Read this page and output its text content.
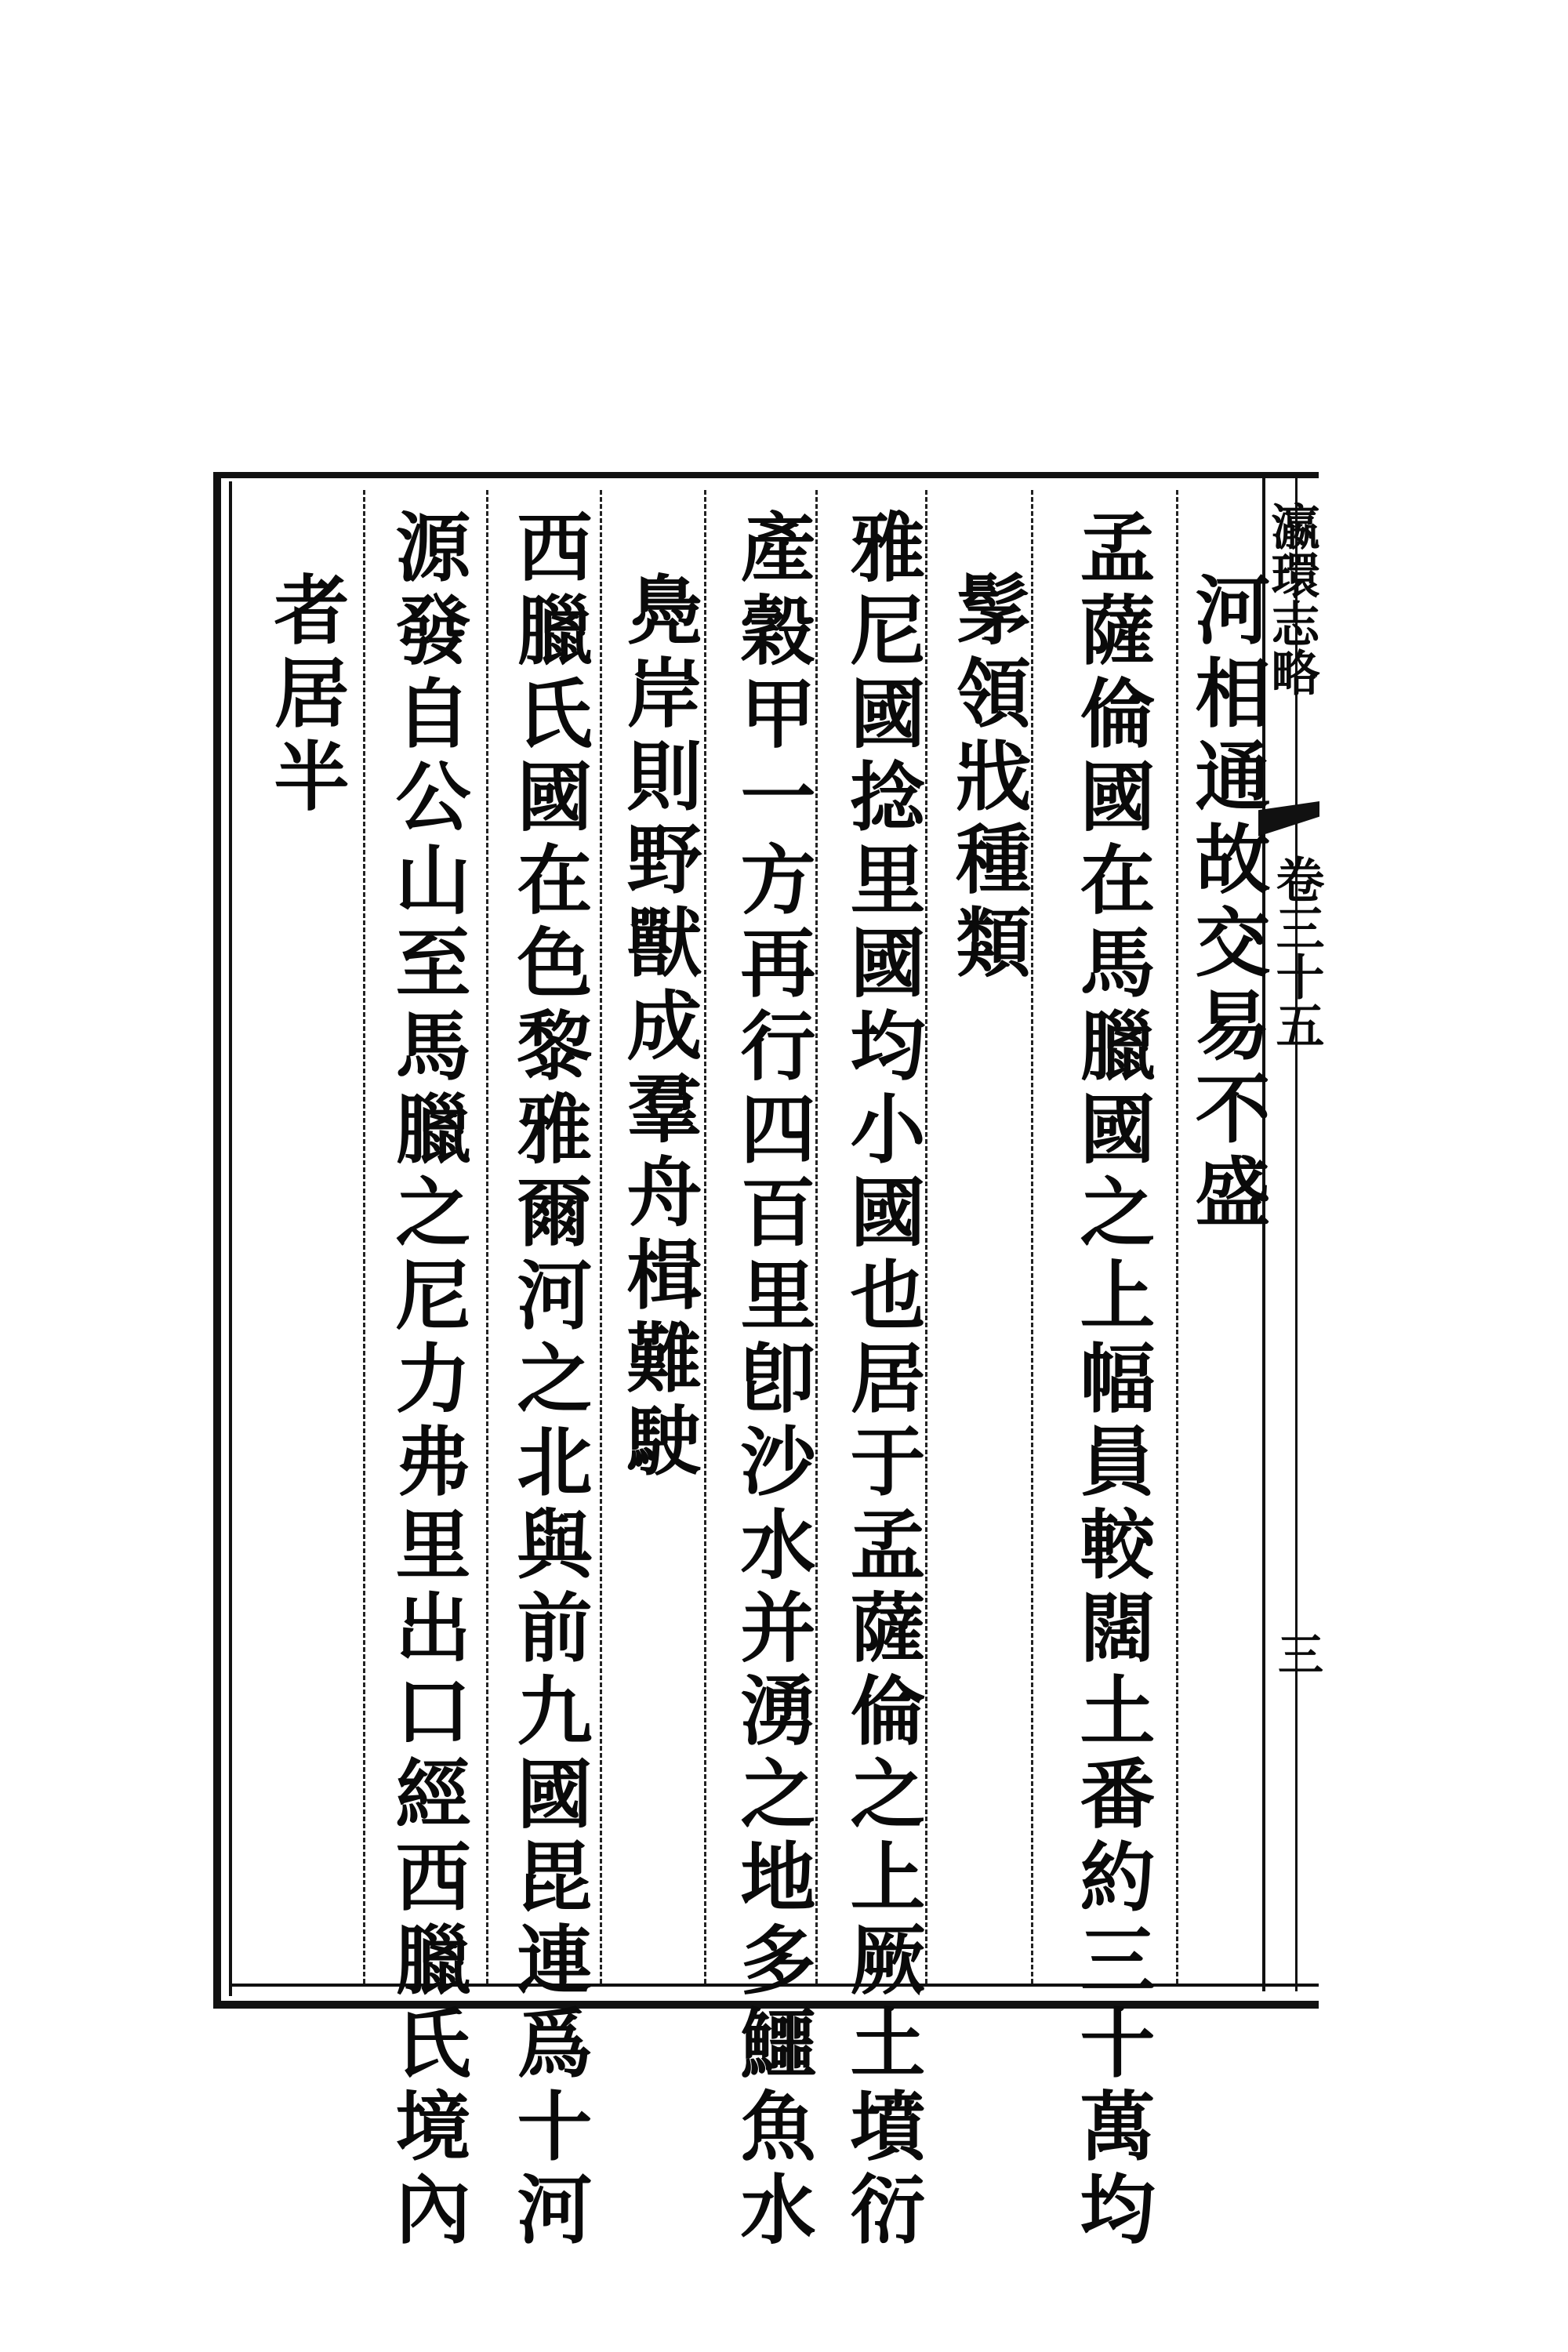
瀛環志略
卷三十五
三
河相通故交易不盛
孟薩倫國在馬臘國之上幅員較闊土番約三十萬均
髳領戕種類
雅尼國捻里國均小國也居于孟薩倫之上厥土墳衍
產穀甲一方再行四百里卽沙水并湧之地多鱷魚水
鳧岸則野獸成羣舟楫難駛
西臘氏國在色黎雅爾河之北與前九國毘連爲十河
源發自公山至馬臘之尼力弗里出口經西臘氏境內
者居半
